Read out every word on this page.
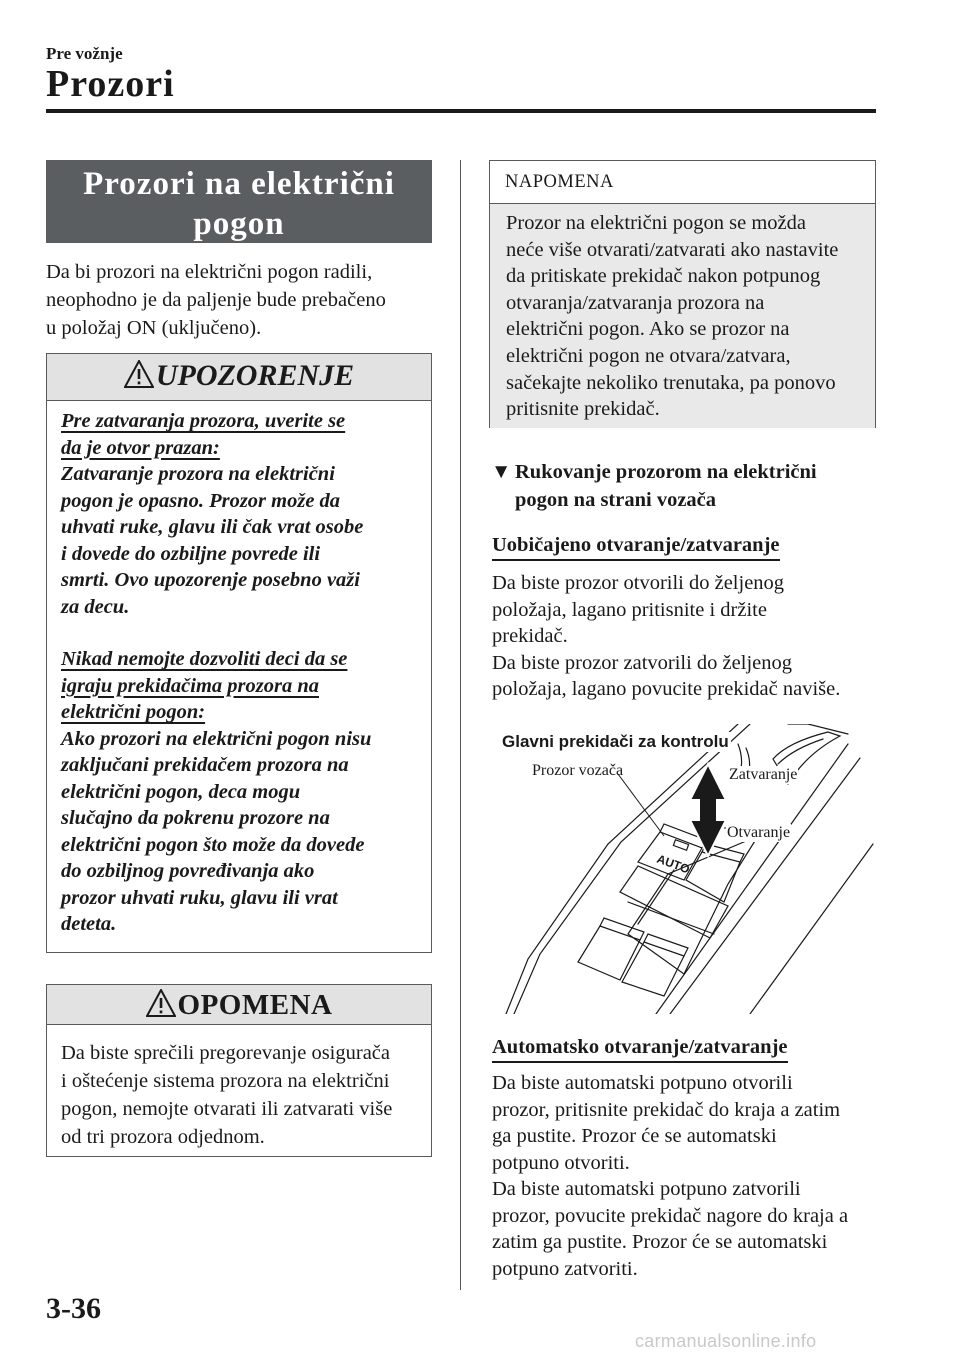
Pre vožnje
Prozori
Prozori na električni
pogon
Da bi prozori na električni pogon radili,
neophodno je da paljenje bude prebačeno
u položaj ON (uključeno).
UPOZORENJE
Pre zatvaranja prozora, uverite se
da je otvor prazan:
Zatvaranje prozora na električni
pogon je opasno. Prozor može da
uhvati ruke, glavu ili čak vrat osobe
i dovede do ozbiljne povrede ili
smrti. Ovo upozorenje posebno važi
za decu.
Nikad nemojte dozvoliti deci da se
igraju prekidačima prozora na
električni pogon:
Ako prozori na električni pogon nisu
zaključani prekidačem prozora na
električni pogon, deca mogu
slučajno da pokrenu prozore na
električni pogon što može da dovede
do ozbiljnog povređivanja ako
prozor uhvati ruku, glavu ili vrat
deteta.
OPOMENA
Da biste sprečili pregorevanje osigurača
i oštećenje sistema prozora na električni
pogon, nemojte otvarati ili zatvarati više
od tri prozora odjednom.
NAPOMENA
Prozor na električni pogon se možda
neće više otvarati/zatvarati ako nastavite
da pritiskate prekidač nakon potpunog
otvaranja/zatvaranja prozora na
električni pogon. Ako se prozor na
električni pogon ne otvara/zatvara,
sačekajte nekoliko trenutaka, pa ponovo
pritisnite prekidač.
▼ Rukovanje prozorom na električni
pogon na strani vozača
Uobičajeno otvaranje/zatvaranje
Da biste prozor otvorili do željenog
položaja, lagano pritisnite i držite
prekidač.
Da biste prozor zatvorili do željenog
položaja, lagano povucite prekidač naviše.
AUTO
Glavni prekidači za kontrolu
Prozor vozača	Zatvaranje
Otvaranje
Automatsko otvaranje/zatvaranje
Da biste automatski potpuno otvorili
prozor, pritisnite prekidač do kraja a zatim
ga pustite. Prozor će se automatski
potpuno otvoriti.
Da biste automatski potpuno zatvorili
prozor, povucite prekidač nagore do kraja a
zatim ga pustite. Prozor će se automatski
potpuno zatvoriti.
3-36
carmanualsonline.info
